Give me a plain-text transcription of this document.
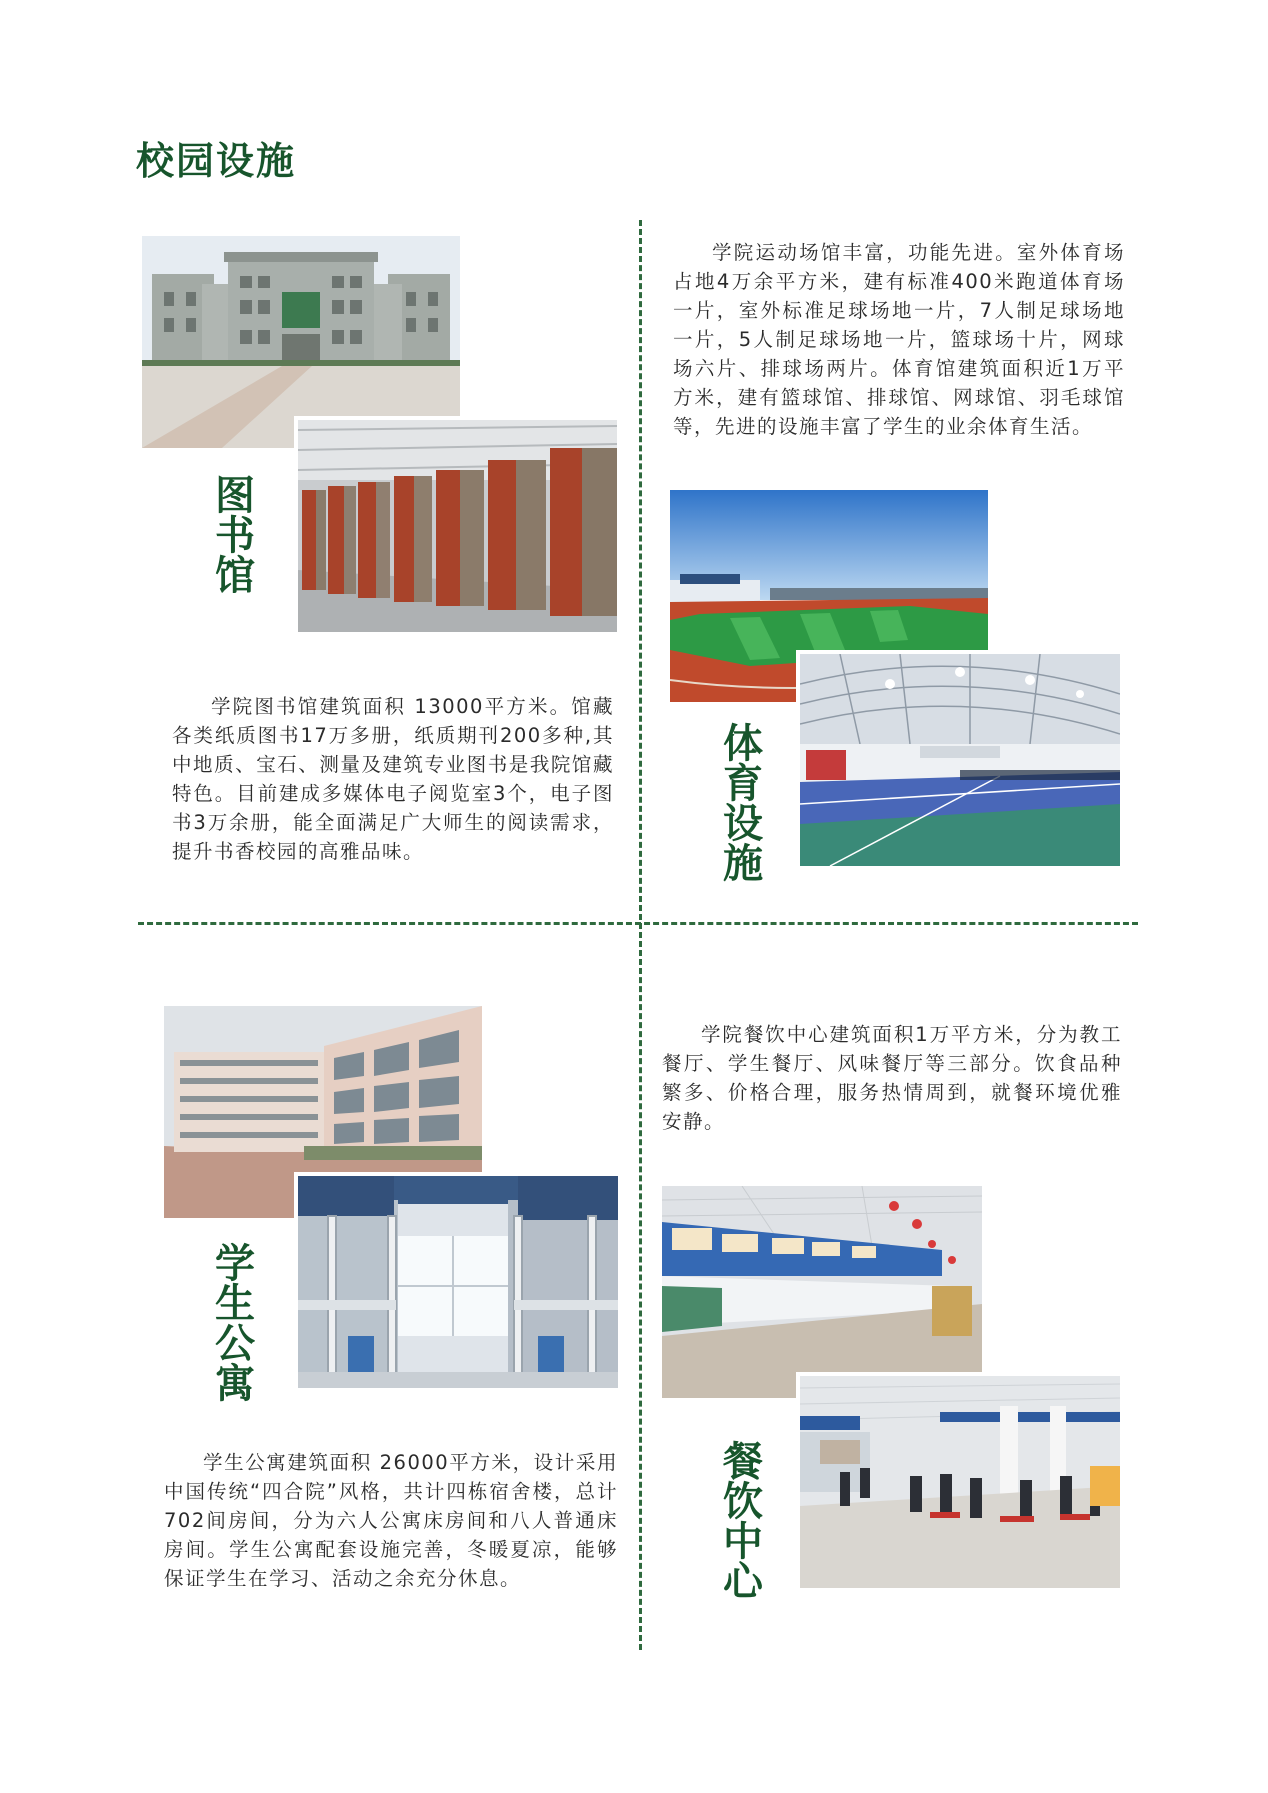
校园设施
图书馆

学院图书馆建筑面积 13000平方米。馆藏各类纸质图书17万多册，纸质期刊200多种,其中地质、宝石、测量及建筑专业图书是我院馆藏特色。目前建成多媒体电子阅览室3个，电子图书3万余册，能全面满足广大师生的阅读需求，提升书香校园的高雅品味。

学院运动场馆丰富，功能先进。室外体育场占地4万余平方米，建有标准400米跑道体育场一片，室外标准足球场地一片，7人制足球场地一片，5人制足球场地一片，篮球场十片，网球场六片、排球场两片。体育馆建筑面积近1万平方米，建有篮球馆、排球馆、网球馆、羽毛球馆等，先进的设施丰富了学生的业余体育生活。

体育设施
学生公寓

学生公寓建筑面积 26000平方米，设计采用中国传统“四合院”风格，共计四栋宿舍楼，总计702间房间，分为六人公寓床房间和八人普通床房间。学生公寓配套设施完善，冬暖夏凉，能够保证学生在学习、活动之余充分休息。

学院餐饮中心建筑面积1万平方米，分为教工餐厅、学生餐厅、风味餐厅等三部分。饮食品种繁多、价格合理，服务热情周到，就餐环境优雅安静。

餐饮中心
